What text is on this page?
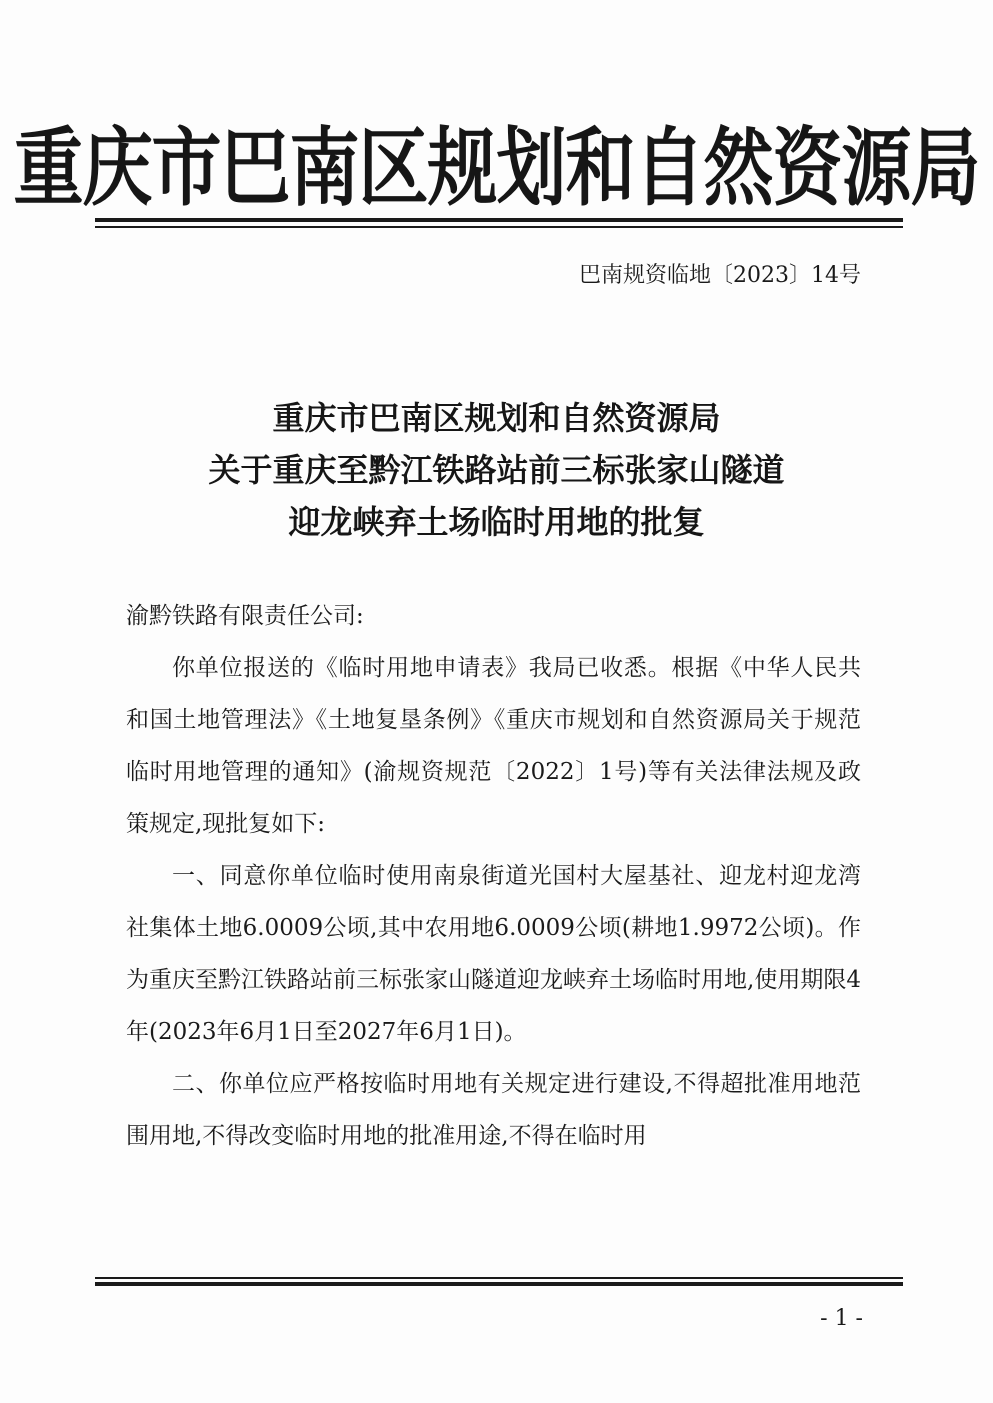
重庆市巴南区规划和自然资源局
巴南规资临地〔2023〕14号
重庆市巴南区规划和自然资源局
关于重庆至黔江铁路站前三标张家山隧道
迎龙峡弃土场临时用地的批复

渝黔铁路有限责任公司:

你单位报送的《临时用地申请表》我局已收悉。根据《中华人民共和国土地管理法》《土地复垦条例》《重庆市规划和自然资源局关于规范临时用地管理的通知》(渝规资规范〔2022〕1号)等有关法律法规及政策规定,现批复如下:

一、同意你单位临时使用南泉街道光国村大屋基社、迎龙村迎龙湾社集体土地6.0009公顷,其中农用地6.0009公顷(耕地1.9972公顷)。作为重庆至黔江铁路站前三标张家山隧道迎龙峡弃土场临时用地,使用期限4年(2023年6月1日至2027年6月1日)。

二、你单位应严格按临时用地有关规定进行建设,不得超批准用地范围用地,不得改变临时用地的批准用途,不得在临时用

- 1 -
